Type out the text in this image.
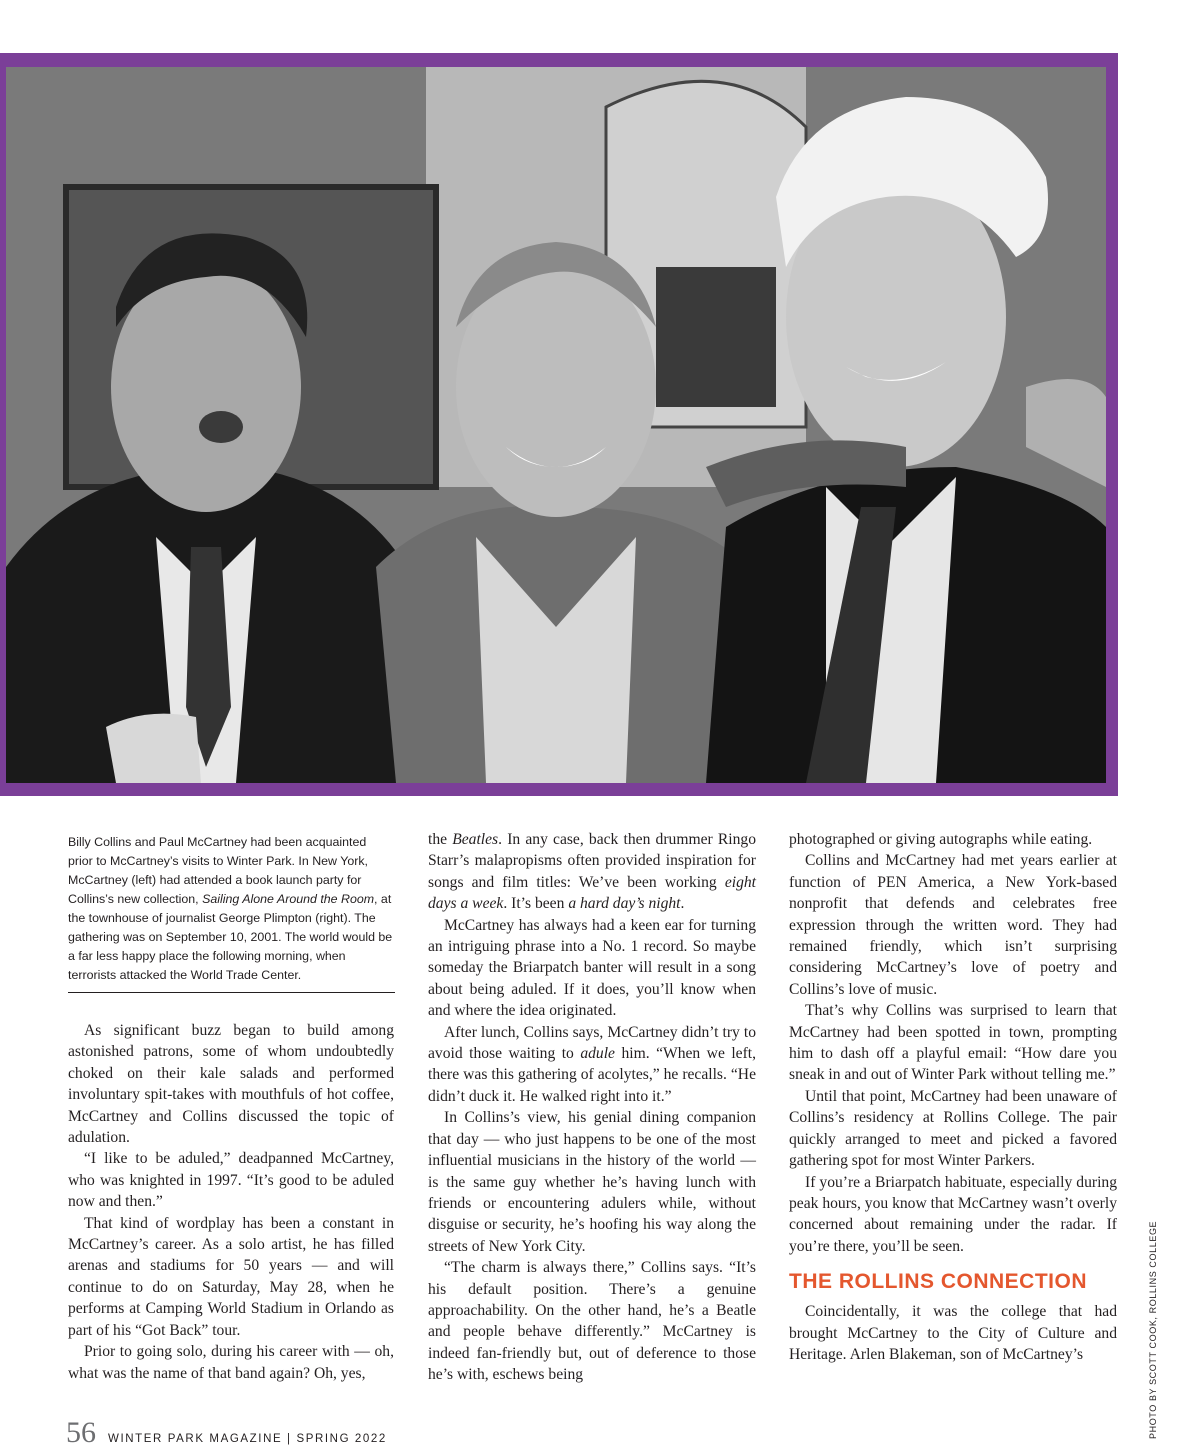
Billy Collins and Paul McCartney had been acquainted prior to McCartney’s visits to Winter Park. In New York, McCartney (left) had attended a book launch party for Collins’s new collection, Sailing Alone Around the Room, at the townhouse of journalist George Plimpton (right). The gathering was on September 10, 2001. The world would be a far less happy place the following morning, when terrorists attacked the World Trade Center.

As significant buzz began to build among astonished patrons, some of whom undoubtedly choked on their kale salads and performed involuntary spit-takes with mouthfuls of hot coffee, McCartney and Collins discussed the topic of adulation.

“I like to be aduled,” deadpanned McCartney, who was knighted in 1997. “It’s good to be aduled now and then.”

That kind of wordplay has been a constant in McCartney’s career. As a solo artist, he has filled arenas and stadiums for 50 years — and will continue to do on Saturday, May 28, when he performs at Camping World Stadium in Orlando as part of his “Got Back” tour.

Prior to going solo, during his career with — oh, what was the name of that band again? Oh, yes,

the Beatles. In any case, back then drummer Ringo Starr’s malapropisms often provided inspiration for songs and film titles: We’ve been working eight days a week. It’s been a hard day’s night.

McCartney has always had a keen ear for turning an intriguing phrase into a No. 1 record. So maybe someday the Briarpatch banter will result in a song about being aduled. If it does, you’ll know when and where the idea originated.

After lunch, Collins says, McCartney didn’t try to avoid those waiting to adule him. “When we left, there was this gathering of acolytes,” he recalls. “He didn’t duck it. He walked right into it.”

In Collins’s view, his genial dining companion that day — who just happens to be one of the most influential musicians in the history of the world — is the same guy whether he’s having lunch with friends or encountering adulers while, without disguise or security, he’s hoofing his way along the streets of New York City.

“The charm is always there,” Collins says. “It’s his default position. There’s a genuine approachability. On the other hand, he’s a Beatle and people behave differently.” McCartney is indeed fan-friendly but, out of deference to those he’s with, eschews being

photographed or giving autographs while eating.

Collins and McCartney had met years earlier at function of PEN America, a New York-based nonprofit that defends and celebrates free expression through the written word. They had remained friendly, which isn’t surprising considering McCartney’s love of poetry and Collins’s love of music.

That’s why Collins was surprised to learn that McCartney had been spotted in town, prompting him to dash off a playful email: “How dare you sneak in and out of Winter Park without telling me.”

Until that point, McCartney had been unaware of Collins’s residency at Rollins College. The pair quickly arranged to meet and picked a favored gathering spot for most Winter Parkers.

If you’re a Briarpatch habituate, especially during peak hours, you know that McCartney wasn’t overly concerned about remaining under the radar. If you’re there, you’ll be seen.

THE ROLLINS CONNECTION

Coincidentally, it was the college that had brought McCartney to the City of Culture and Heritage. Arlen Blakeman, son of McCartney’s

56 WINTER PARK MAGAZINE | SPRING 2022	PHOTO BY SCOTT COOK, ROLLINS COLLEGE
